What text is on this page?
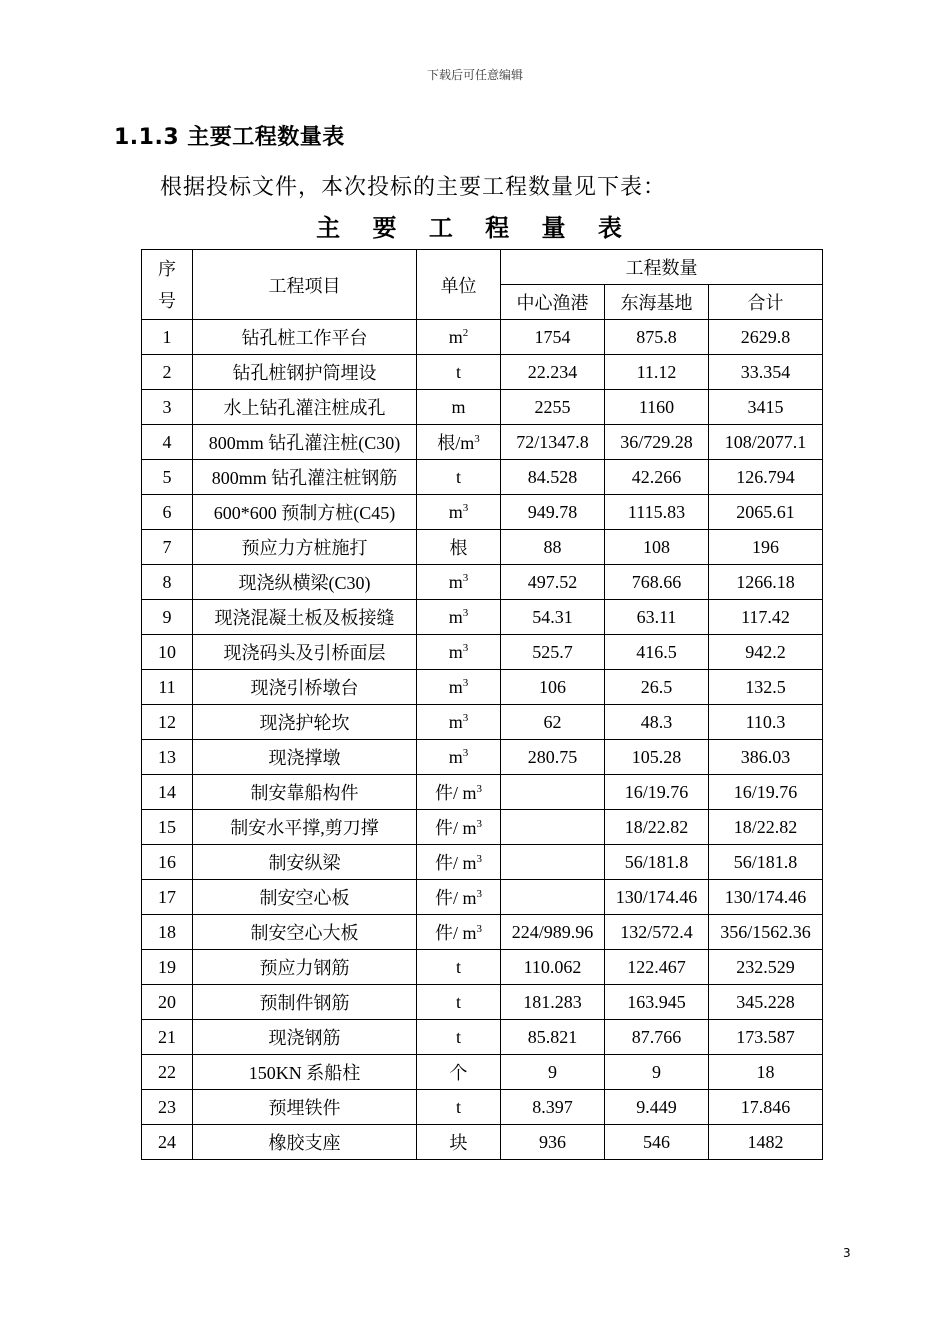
下载后可任意编辑
1.1.3 主要工程数量表
根据投标文件，本次投标的主要工程数量见下表：
主 要 工 程 量 表
序
号	工程项目	单位	工程数量		
			中心渔港	东海基地	合计
1	钻孔桩工作平台	$m^2$	1754	875.8	2629.8
2	钻孔桩钢护筒埋设	t	22.234	11.12	33.354
3	水上钻孔灌注桩成孔	m	2255	1160	3415
4	800mm 钻孔灌注桩(C30)	根$/m^3$	72/1347.8	36/729.28	108/2077.1
5	800mm 钻孔灌注桩钢筋	t	84.528	42.266	126.794
6	600*600 预制方桩(C45)	$m^3$	949.78	1115.83	2065.61
7	预应力方桩施打	根	88	108	196
8	现浇纵横梁(C30)	$m^3$	497.52	768.66	1266.18
9	现浇混凝土板及板接缝	$m^3$	54.31	63.11	117.42
10	现浇码头及引桥面层	$m^3$	525.7	416.5	942.2
11	现浇引桥墩台	$m^3$	106	26.5	132.5
12	现浇护轮坎	$m^3$	62	48.3	110.3
13	现浇撑墩	$m^3$	280.75	105.28	386.03
14	制安靠船构件	件/ $m^3$		16/19.76	16/19.76
15	制安水平撑,剪刀撑	件/ $m^3$		18/22.82	18/22.82
16	制安纵梁	件/ $m^3$		56/181.8	56/181.8
17	制安空心板	件/ $m^3$		130/174.46	130/174.46
18	制安空心大板	件/ $m^3$	224/989.96	132/572.4	356/1562.36
19	预应力钢筋	t	110.062	122.467	232.529
20	预制件钢筋	t	181.283	163.945	345.228
21	现浇钢筋	t	85.821	87.766	173.587
22	150KN 系船柱	个	9	9	18
23	预埋铁件	t	8.397	9.449	17.846
24	橡胶支座	块	936	546	1482
3
